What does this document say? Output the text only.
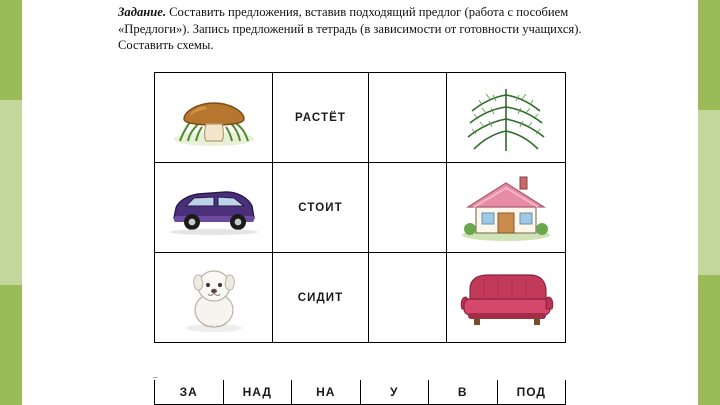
Задание. Составить предложения, вставив подходящий предлог (работа с пособием «Предлоги»). Запись предложений в тетрадь (в зависимости от готовности учащихся). Составить схемы.
РАСТЁТ
СТОИТ
СИДИТ
–
ЗА	НАД	НА	У	В	ПОД
